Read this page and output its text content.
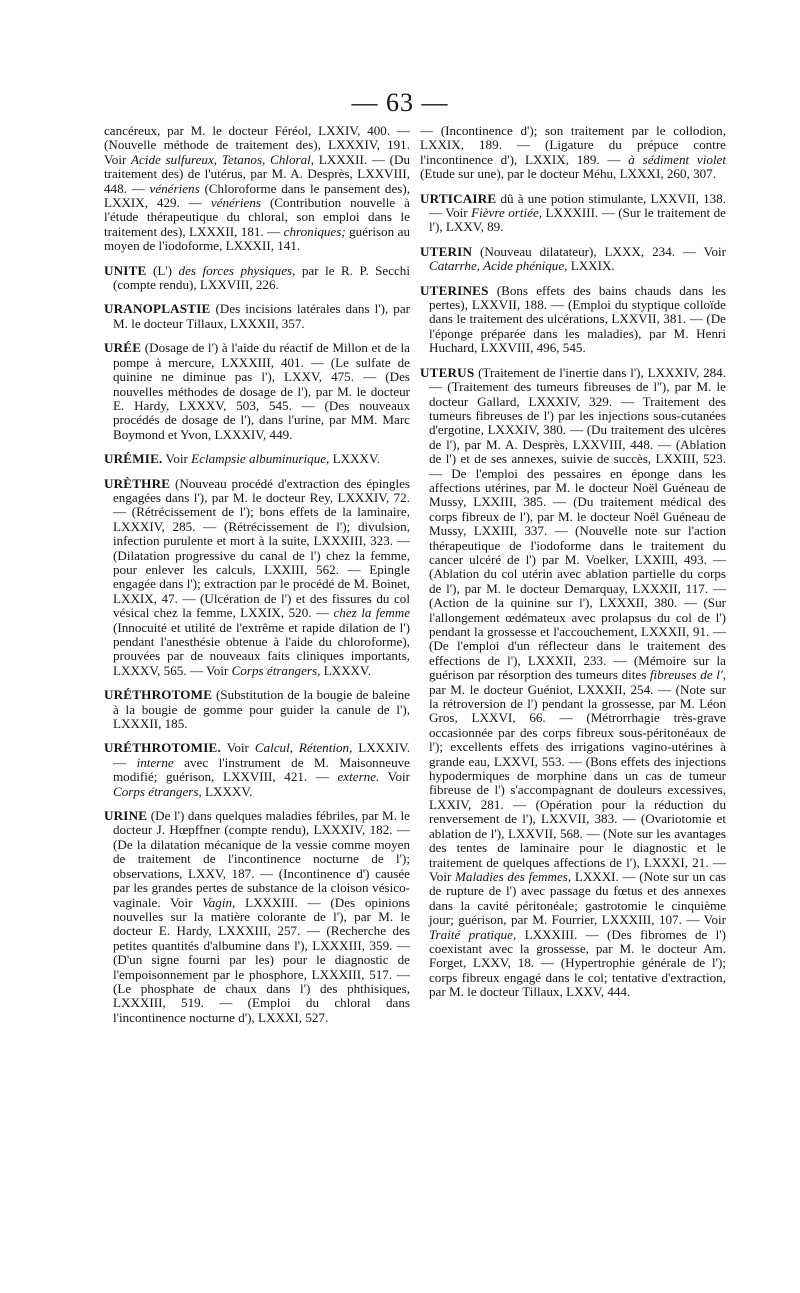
— 63 —

cancéreux, par M. le docteur Féréol, LXXIV, 400. — (Nouvelle méthode de traitement des), LXXXIV, 191. Voir Acide sulfureux, Tetanos, Chloral, LXXXII. — (Du traitement des) de l'utérus, par M. A. Desprès, LXXVIII, 448. — vénériens (Chloroforme dans le pansement des), LXXIX, 429. — vénériens (Contribution nouvelle à l'étude thérapeutique du chloral, son emploi dans le traitement des), LXXXII, 181. — chroniques; guérison au moyen de l'iodoforme, LXXXII, 141.

UNITE (L') des forces physiques, par le R. P. Secchi (compte rendu), LXXVIII, 226.

URANOPLASTIE (Des incisions latérales dans l'), par M. le docteur Tillaux, LXXXII, 357.

URÉE (Dosage de l') à l'aide du réactif de Millon et de la pompe à mercure, LXXXIII, 401. — (Le sulfate de quinine ne diminue pas l'), LXXV, 475. — (Des nouvelles méthodes de dosage de l'), par M. le docteur E. Hardy, LXXXV, 503, 545. — (Des nouveaux procédés de dosage de l'), dans l'urine, par MM. Marc Boymond et Yvon, LXXXIV, 449.

URÉMIE. Voir Eclampsie albuminurique, LXXXV.

URÈTHRE (Nouveau procédé d'extraction des épingles engagées dans l'), par M. le docteur Rey, LXXXIV, 72. — (Rétrécissement de l'); bons effets de la laminaire, LXXXIV, 285. — (Rétrécissement de l'); divulsion, infection purulente et mort à la suite, LXXXIII, 323. — (Dilatation progressive du canal de l') chez la femme, pour enlever les calculs, LXXIII, 562. — Epingle engagée dans l'); extraction par le procédé de M. Boinet, LXXIX, 47. — (Ulcération de l') et des fissures du col vésical chez la femme, LXXIX, 520. — chez la femme (Innocuité et utilité de l'extrême et rapide dilation de l') pendant l'anesthésie obtenue à l'aide du chloroforme), prouvées par de nouveaux faits cliniques importants, LXXXV, 565. — Voir Corps étrangers, LXXXV.

URÉTHROTOME (Substitution de la bougie de baleine à la bougie de gomme pour guider la canule de l'), LXXXII, 185.

URÉTHROTOMIE. Voir Calcul, Rétention, LXXXIV. — interne avec l'instrument de M. Maisonneuve modifié; guérison, LXXVIII, 421. — externe. Voir Corps étrangers, LXXXV.

URINE (De l') dans quelques maladies fébriles, par M. le docteur J. Hœpffner (compte rendu), LXXXIV, 182. — (De la dilatation mécanique de la vessie comme moyen de traitement de l'incontinence nocturne de l'); observations, LXXV, 187. — (Incontinence d') causée par les grandes pertes de substance de la cloison vésico-vaginale. Voir Vagin, LXXXIII. — (Des opinions nouvelles sur la matière colorante de l'), par M. le docteur E. Hardy, LXXXIII, 257. — (Recherche des petites quantités d'albumine dans l'), LXXXIII, 359. — (D'un signe fourni par les) pour le diagnostic de l'empoisonnement par le phosphore, LXXXIII, 517. — (Le phosphate de chaux dans l') des phthisiques, LXXXIII, 519. — (Emploi du chloral dans l'incontinence nocturne d'), LXXXI, 527.

— (Incontinence d'); son traitement par le collodion, LXXIX, 189. — (Ligature du prépuce contre l'incontinence d'), LXXIX, 189. — à sédiment violet (Etude sur une), par le docteur Méhu, LXXXI, 260, 307.

URTICAIRE dû à une potion stimulante, LXXVII, 138. — Voir Fièvre ortiée, LXXXIII. — (Sur le traitement de l'), LXXV, 89.

UTERIN (Nouveau dilatateur), LXXX, 234. — Voir Catarrhe, Acide phénique, LXXIX.

UTERINES (Bons effets des bains chauds dans les pertes), LXXVII, 188. — (Emploi du styptique colloïde dans le traitement des ulcérations, LXXVII, 381. — (De l'éponge préparée dans les maladies), par M. Henri Huchard, LXXVIII, 496, 545.

UTERUS (Traitement de l'inertie dans l'), LXXXIV, 284. — (Traitement des tumeurs fibreuses de l''), par M. le docteur Gallard, LXXXIV, 329. — Traitement des tumeurs fibreuses de l') par les injections sous-cutanées d'ergotine, LXXXIV, 380. — (Du traitement des ulcères de l'), par M. A. Desprès, LXXVIII, 448. — (Ablation de l') et de ses annexes, suivie de succès, LXXIII, 523. — De l'emploi des pessaires en éponge dans les affections utérines, par M. le docteur Noël Guéneau de Mussy, LXXIII, 385. — (Du traitement médical des corps fibreux de l'), par M. le docteur Noël Guéneau de Mussy, LXXIII, 337. — (Nouvelle note sur l'action thérapeutique de l'iodoforme dans le traitement du cancer ulcéré de l') par M. Voelker, LXXIII, 493. — (Ablation du col utérin avec ablation partielle du corps de l'), par M. le docteur Demarquay, LXXXII, 117. — (Action de la quinine sur l'), LXXXII, 380. — (Sur l'allongement œdémateux avec prolapsus du col de l') pendant la grossesse et l'accouchement, LXXXII, 91. — (De l'emploi d'un réflecteur dans le traitement des effections de l'), LXXXII, 233. — (Mémoire sur la guérison par résorption des tumeurs dites fibreuses de l', par M. le docteur Guéniot, LXXXII, 254. — (Note sur la rétroversion de l') pendant la grossesse, par M. Léon Gros, LXXVI, 66. — (Métrorrhagie très-grave occasionnée par des corps fibreux sous-péritonéaux de l'); excellents effets des irrigations vagino-utérines à grande eau, LXXVI, 553. — (Bons effets des injections hypodermiques de morphine dans un cas de tumeur fibreuse de l') s'accompagnant de douleurs excessives, LXXIV, 281. — (Opération pour la réduction du renversement de l'), LXXVII, 383. — (Ovariotomie et ablation de l'), LXXVII, 568. — (Note sur les avantages des tentes de laminaire pour le diagnostic et le traitement de quelques affections de l'), LXXXI, 21. — Voir Maladies des femmes, LXXXI. — (Note sur un cas de rupture de l') avec passage du fœtus et des annexes dans la cavité péritonéale; gastrotomie le cinquième jour; guérison, par M. Fourrier, LXXXIII, 107. — Voir Traité pratique, LXXXIII. — (Des fibromes de l') coexistant avec la grossesse, par M. le docteur Am. Forget, LXXV, 18. — (Hypertrophie générale de l'); corps fibreux engagé dans le col; tentative d'extraction, par M. le docteur Tillaux, LXXV, 444.
